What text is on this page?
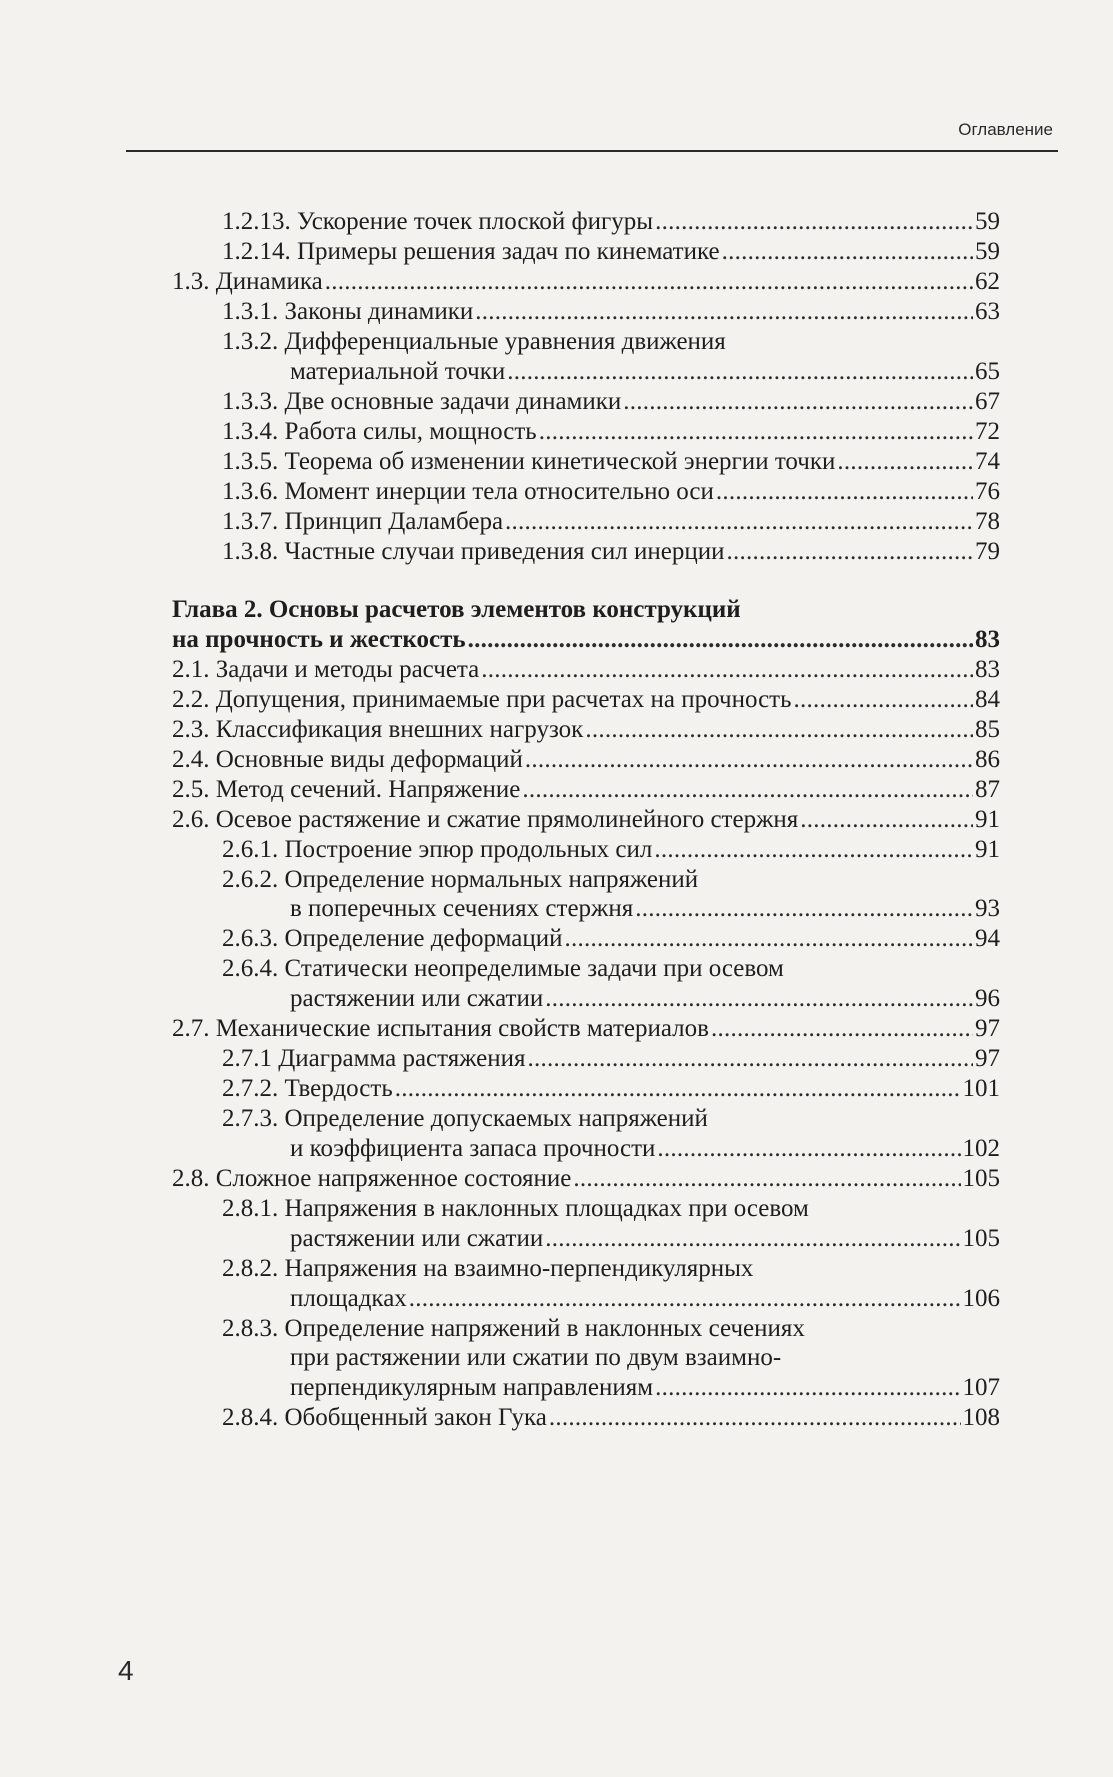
Оглавление
1.2.13. Ускорение точек плоской фигуры . . .	59
1.2.14. Примеры решения задач по кинематике . . .	59
1.3. Динамика . . .	62
1.3.1. Законы динамики . . .	63
1.3.2. Дифференциальные уравнения движения
материальной точки . . .	65
1.3.3. Две основные задачи динамики . . .	67
1.3.4. Работа силы, мощность . . .	72
1.3.5. Теорема об изменении кинетической энергии точки . . .	74
1.3.6. Момент инерции тела относительно оси . . .	76
1.3.7. Принцип Даламбера . . .	78
1.3.8. Частные случаи приведения сил инерции . . .	79
Глава 2. Основы расчетов элементов конструкций
на прочность и жесткость . . .	83
2.1. Задачи и методы расчета . . .	83
2.2. Допущения, принимаемые при расчетах на прочность . . .	84
2.3. Классификация внешних нагрузок . . .	85
2.4. Основные виды деформаций . . .	86
2.5. Метод сечений. Напряжение . . .	87
2.6. Осевое растяжение и сжатие прямолинейного стержня . . .	91
2.6.1. Построение эпюр продольных сил . . .	91
2.6.2. Определение нормальных напряжений
в поперечных сечениях стержня . . .	93
2.6.3. Определение деформаций . . .	94
2.6.4. Статически неопределимые задачи при осевом
растяжении или сжатии . . .	96
2.7. Механические испытания свойств материалов . . .	97
2.7.1 Диаграмма растяжения . . .	97
2.7.2. Твердость . . .	101
2.7.3. Определение допускаемых напряжений
и коэффициента запаса прочности . . .	102
2.8. Сложное напряженное состояние . . .	105
2.8.1. Напряжения в наклонных площадках при осевом
растяжении или сжатии . . .	105
2.8.2. Напряжения на взаимно-перпендикулярных
площадках . . .	106
2.8.3. Определение напряжений в наклонных сечениях
при растяжении или сжатии по двум взаимно-
перпендикулярным направлениям . . .	107
2.8.4. Обобщенный закон Гука . . .	108
4
